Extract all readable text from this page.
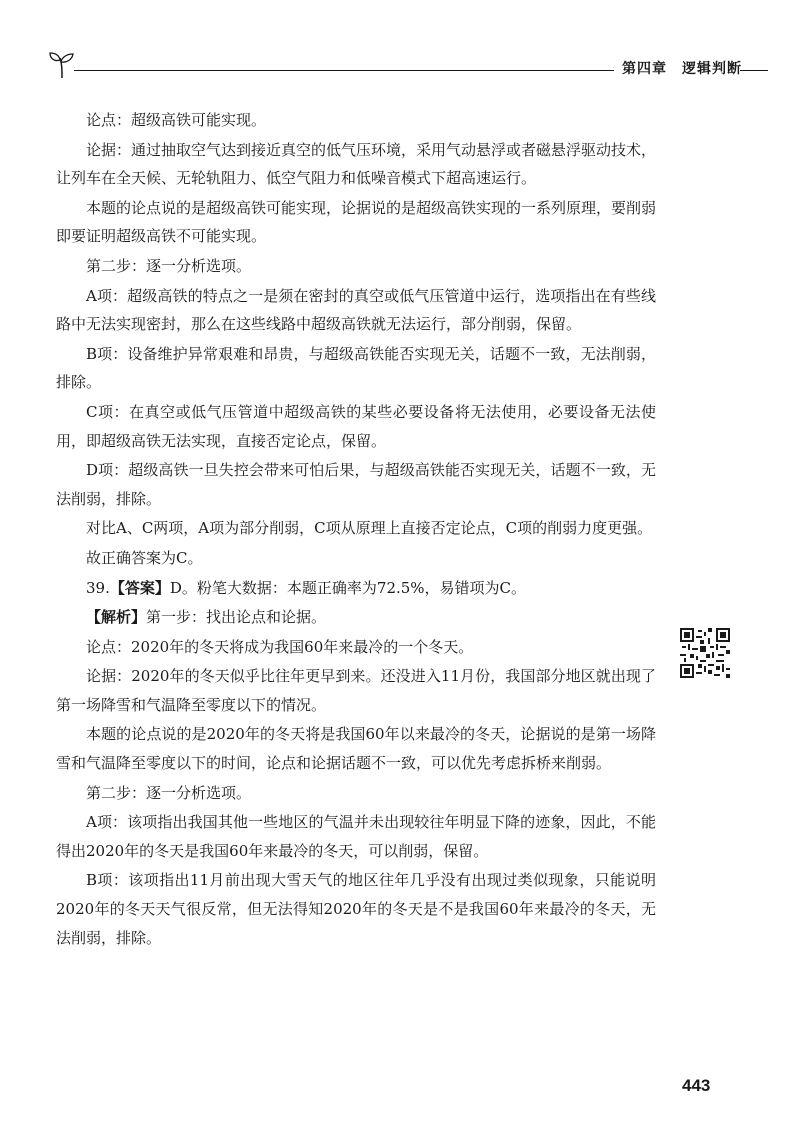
第四章 逻辑判断

论点：超级高铁可能实现。

论据：通过抽取空气达到接近真空的低气压环境，采用气动悬浮或者磁悬浮驱动技术，让列车在全天候、无轮轨阻力、低空气阻力和低噪音模式下超高速运行。

本题的论点说的是超级高铁可能实现，论据说的是超级高铁实现的一系列原理，要削弱即要证明超级高铁不可能实现。

第二步：逐一分析选项。

A项：超级高铁的特点之一是须在密封的真空或低气压管道中运行，选项指出在有些线路中无法实现密封，那么在这些线路中超级高铁就无法运行，部分削弱，保留。

B项：设备维护异常艰难和昂贵，与超级高铁能否实现无关，话题不一致，无法削弱，排除。

C项：在真空或低气压管道中超级高铁的某些必要设备将无法使用，必要设备无法使用，即超级高铁无法实现，直接否定论点，保留。

D项：超级高铁一旦失控会带来可怕后果，与超级高铁能否实现无关，话题不一致，无法削弱，排除。

对比A、C两项，A项为部分削弱，C项从原理上直接否定论点，C项的削弱力度更强。

故正确答案为C。

39.【答案】D。粉笔大数据：本题正确率为72.5%，易错项为C。

【解析】第一步：找出论点和论据。

论点：2020年的冬天将成为我国60年来最冷的一个冬天。

论据：2020年的冬天似乎比往年更早到来。还没进入11月份，我国部分地区就出现了第一场降雪和气温降至零度以下的情况。

本题的论点说的是2020年的冬天将是我国60年以来最冷的冬天，论据说的是第一场降雪和气温降至零度以下的时间，论点和论据话题不一致，可以优先考虑拆桥来削弱。

第二步：逐一分析选项。

A项：该项指出我国其他一些地区的气温并未出现较往年明显下降的迹象，因此，不能得出2020年的冬天是我国60年来最冷的冬天，可以削弱，保留。

B项：该项指出11月前出现大雪天气的地区往年几乎没有出现过类似现象，只能说明2020年的冬天天气很反常，但无法得知2020年的冬天是不是我国60年来最冷的冬天，无法削弱，排除。

443
